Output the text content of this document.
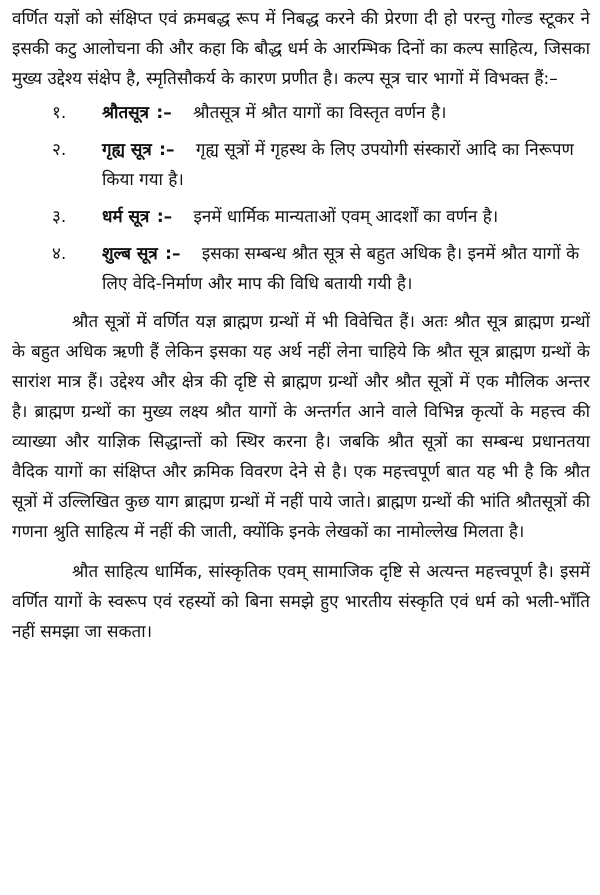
वर्णित यज्ञों को संक्षिप्त एवं क्रमबद्ध रूप में निबद्ध करने की प्रेरणा दी हो परन्तु गोल्ड स्टूकर ने इसकी कटु आलोचना की और कहा कि बौद्ध धर्म के आरम्भिक दिनों का कल्प साहित्य, जिसका मुख्य उद्देश्य संक्षेप है, स्मृतिसौकर्य के कारण प्रणीत है। कल्प सूत्र चार भागों में विभक्त हैं:–

१.	श्रौतसूत्र :– श्रौतसूत्र में श्रौत यागों का विस्तृत वर्णन है।
२.	गृह्य सूत्र :– गृह्य सूत्रों में गृहस्थ के लिए उपयोगी संस्कारों आदि का निरूपण किया गया है।
३.	धर्म सूत्र :– इनमें धार्मिक मान्यताओं एवम् आदर्शों का वर्णन है।
४.	शुल्ब सूत्र :– इसका सम्बन्ध श्रौत सूत्र से बहुत अधिक है। इनमें श्रौत यागों के लिए वेदि-निर्माण और माप की विधि बतायी गयी है।

श्रौत सूत्रों में वर्णित यज्ञ ब्राह्मण ग्रन्थों में भी विवेचित हैं। अतः श्रौत सूत्र ब्राह्मण ग्रन्थों के बहुत अधिक ऋणी हैं लेकिन इसका यह अर्थ नहीं लेना चाहिये कि श्रौत सूत्र ब्राह्मण ग्रन्थों के सारांश मात्र हैं। उद्देश्य और क्षेत्र की दृष्टि से ब्राह्मण ग्रन्थों और श्रौत सूत्रों में एक मौलिक अन्तर है। ब्राह्मण ग्रन्थों का मुख्य लक्ष्य श्रौत यागों के अन्तर्गत आने वाले विभिन्न कृत्यों के महत्त्व की व्याख्या और याज्ञिक सिद्धान्तों को स्थिर करना है। जबकि श्रौत सूत्रों का सम्बन्ध प्रधानतया वैदिक यागों का संक्षिप्त और क्रमिक विवरण देने से है। एक महत्त्वपूर्ण बात यह भी है कि श्रौत सूत्रों में उल्लिखित कुछ याग ब्राह्मण ग्रन्थों में नहीं पाये जाते। ब्राह्मण ग्रन्थों की भांति श्रौतसूत्रों की गणना श्रुति साहित्य में नहीं की जाती, क्योंकि इनके लेखकों का नामोल्लेख मिलता है।

श्रौत साहित्य धार्मिक, सांस्कृतिक एवम् सामाजिक दृष्टि से अत्यन्त महत्त्वपूर्ण है। इसमें वर्णित यागों के स्वरूप एवं रहस्यों को बिना समझे हुए भारतीय संस्कृति एवं धर्म को भली-भाँति नहीं समझा जा सकता।
